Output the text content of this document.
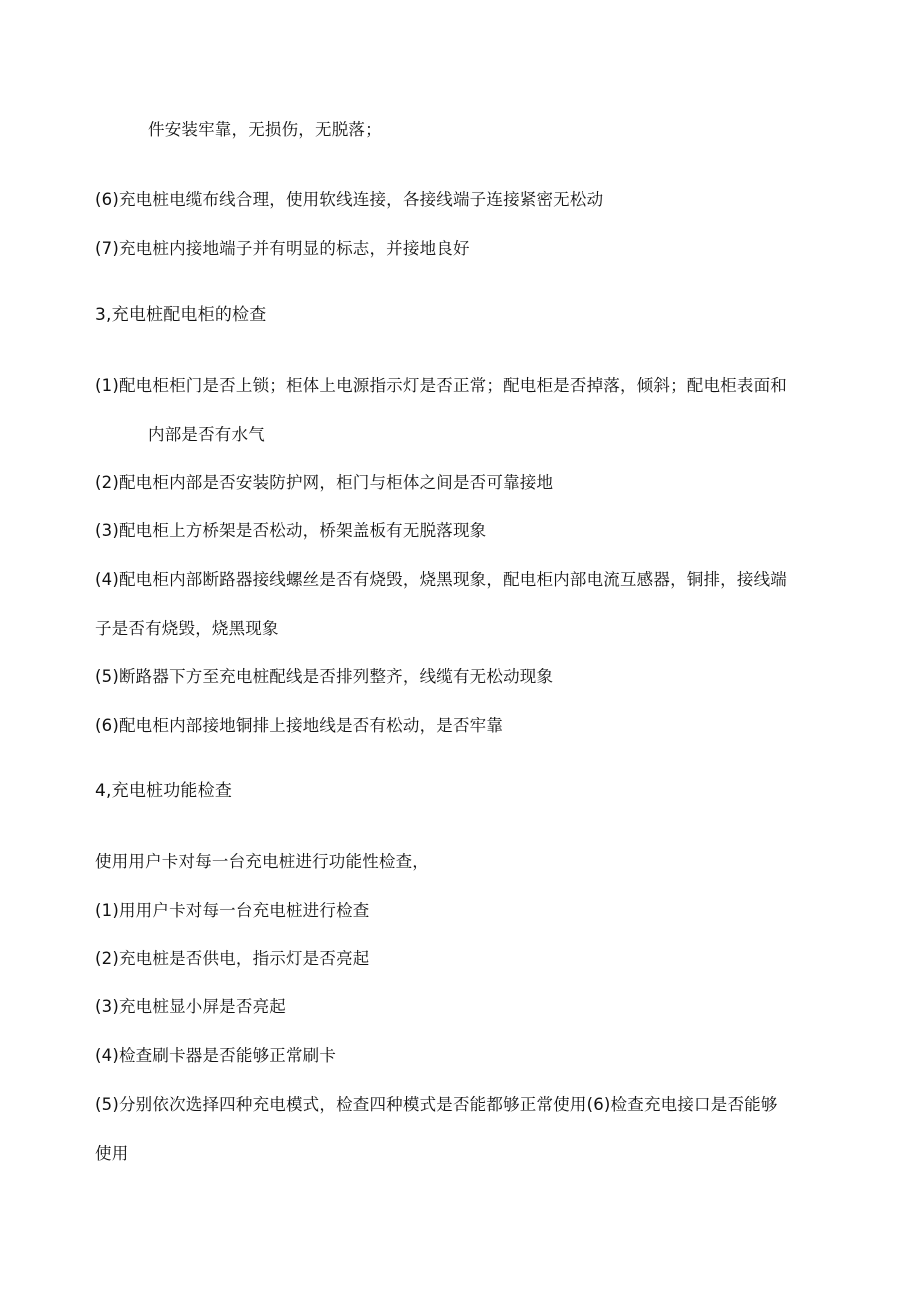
件安装牢靠，无损伤，无脱落；
(6)充电桩电缆布线合理，使用软线连接，各接线端子连接紧密无松动
(7)充电桩内接地端子并有明显的标志，并接地良好
3,充电桩配电柜的检查
(1)配电柜柜门是否上锁；柜体上电源指示灯是否正常；配电柜是否掉落，倾斜；配电柜表面和
内部是否有水气
(2)配电柜内部是否安装防护网，柜门与柜体之间是否可靠接地
(3)配电柜上方桥架是否松动，桥架盖板有无脱落现象
(4)配电柜内部断路器接线螺丝是否有烧毁，烧黑现象，配电柜内部电流互感器，铜排，接线端
子是否有烧毁，烧黑现象
(5)断路器下方至充电桩配线是否排列整齐，线缆有无松动现象
(6)配电柜内部接地铜排上接地线是否有松动，是否牢靠
4,充电桩功能检查
使用用户卡对每一台充电桩进行功能性检查，
(1)用用户卡对每一台充电桩进行检查
(2)充电桩是否供电，指示灯是否亮起
(3)充电桩显小屏是否亮起
(4)检查刷卡器是否能够正常刷卡
(5)分别依次选择四种充电模式，检查四种模式是否能都够正常使用(6)检查充电接口是否能够
使用
